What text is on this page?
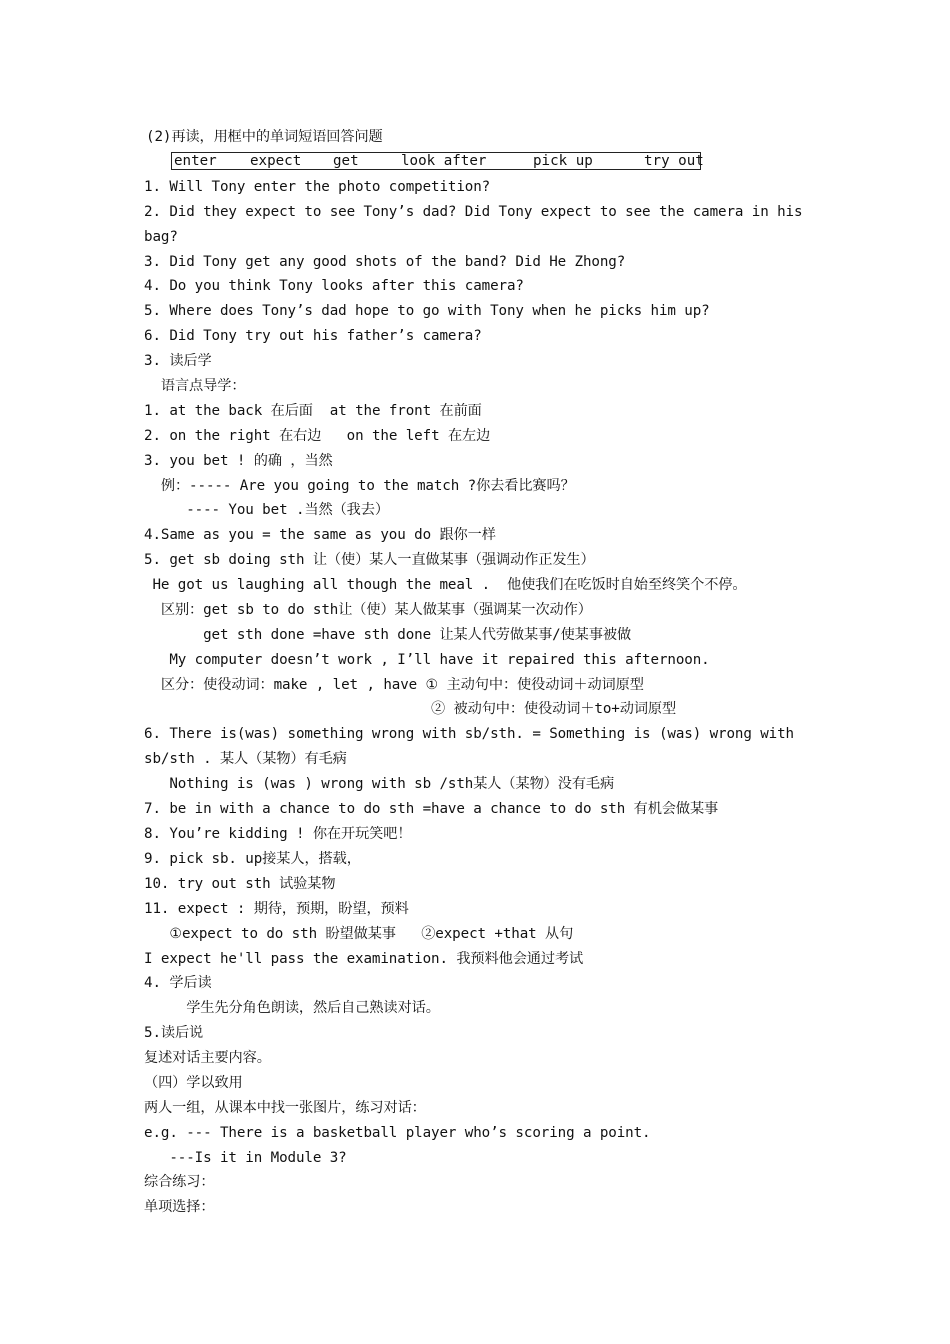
(2)再读，用框中的单词短语回答问题
enter expect get	look after	pick up	try out
1. Will Tony enter the photo competition?
2. Did they expect to see Tony’s dad? Did Tony expect to see the camera in his
bag?
3. Did Tony get any good shots of the band? Did He Zhong?
4. Do you think Tony looks after this camera?
5. Where does Tony’s dad hope to go with Tony when he picks him up?
6. Did Tony try out his father’s camera?
3. 读后学
语言点导学：
1. at the back 在后面  at the front 在前面
2. on the right 在右边   on the left 在左边
3. you bet ! 的确 ，当然
例：----- Are you going to the match ?你去看比赛吗？
---- You bet .当然（我去）
4.Same as you = the same as you do 跟你一样
5. get sb doing sth 让（使）某人一直做某事（强调动作正发生）
He got us laughing all though the meal .  他使我们在吃饭时自始至终笑个不停。
区别：get sb to do sth让（使）某人做某事（强调某一次动作）
get sth done =have sth done 让某人代劳做某事/使某事被做
My computer doesn’t work , I’ll have it repaired this afternoon.
区分：使役动词：make , let , have ① 主动句中：使役动词＋动词原型
② 被动句中：使役动词＋to+动词原型
6. There is(was) something wrong with sb/sth. = Something is (was) wrong with
sb/sth . 某人（某物）有毛病
Nothing is (was ) wrong with sb /sth某人（某物）没有毛病
7. be in with a chance to do sth =have a chance to do sth 有机会做某事
8. You’re kidding ! 你在开玩笑吧！
9. pick sb. up接某人，搭载，
10. try out sth 试验某物
11. expect : 期待，预期，盼望，预料
①expect to do sth 盼望做某事   ②expect +that 从句
I expect he'll pass the examination. 我预料他会通过考试
4. 学后读
学生先分角色朗读，然后自己熟读对话。
5.读后说
复述对话主要内容。
（四）学以致用
两人一组，从课本中找一张图片，练习对话：
e.g. --- There is a basketball player who’s scoring a point.
---Is it in Module 3?
综合练习：
单项选择：
